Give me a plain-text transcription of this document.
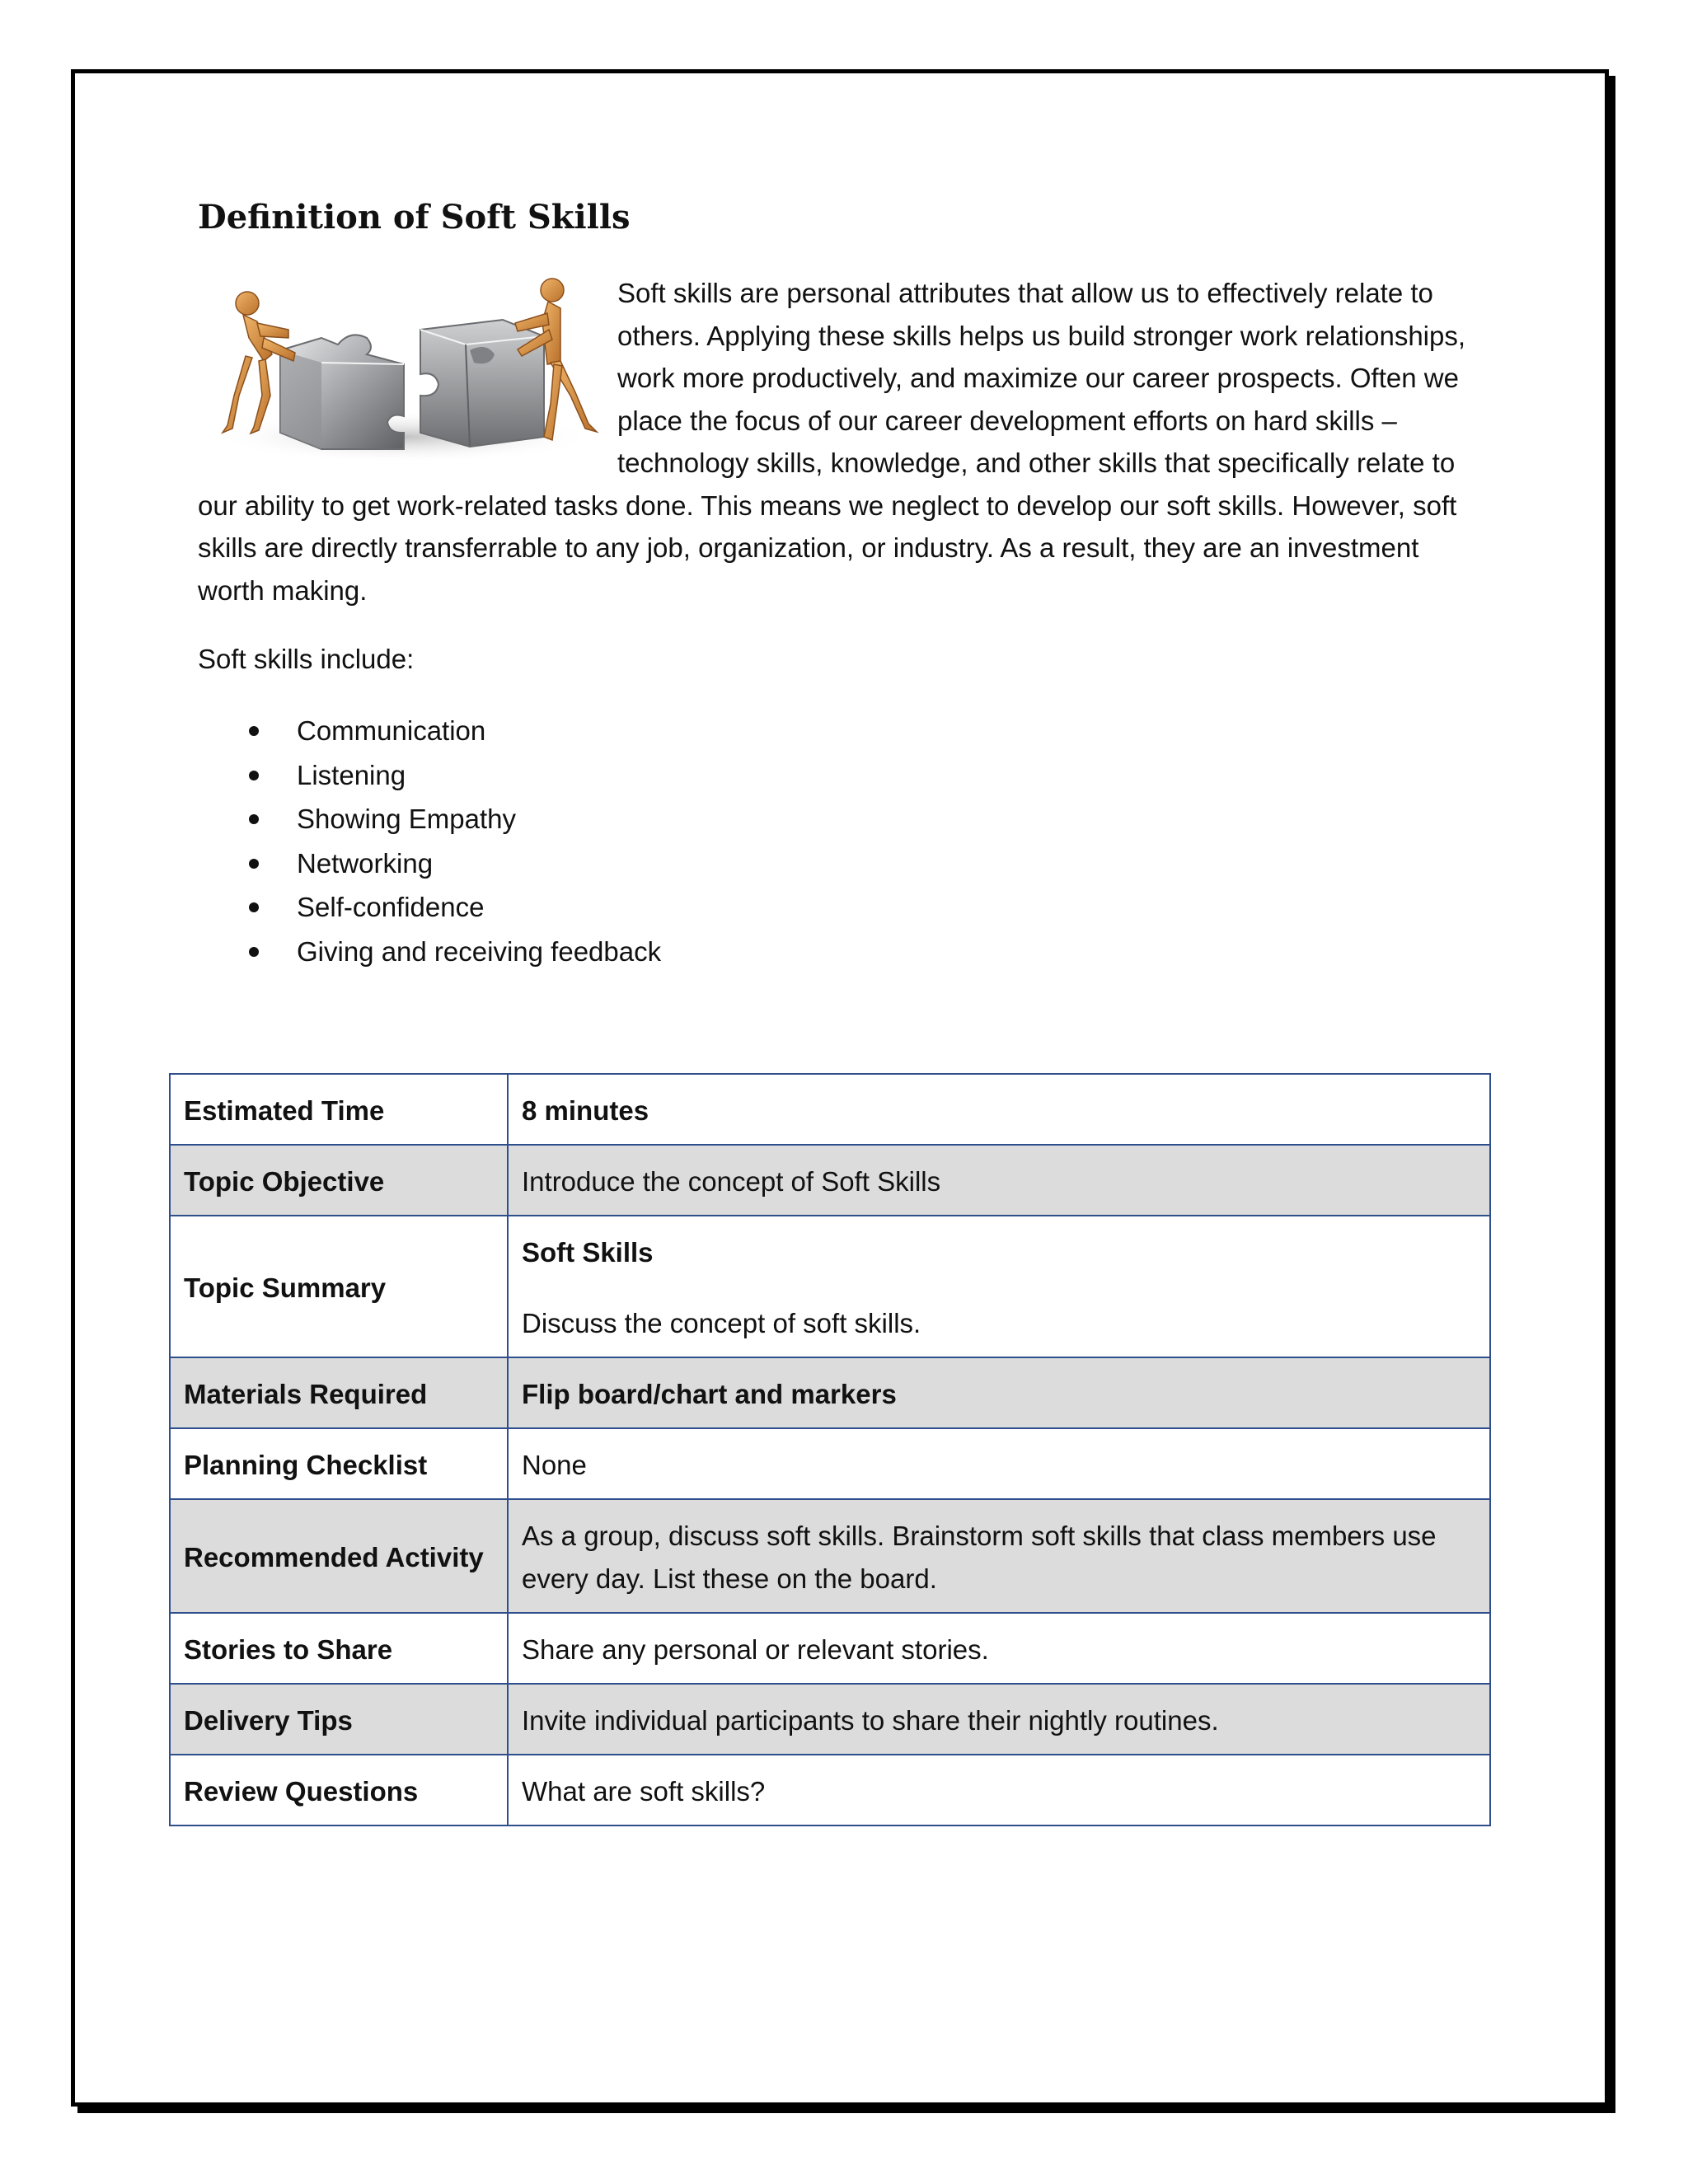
Definition of Soft Skills

Soft skills are personal attributes that allow us to effectively relate to others. Applying these skills helps us build stronger work relationships, work more productively, and maximize our career prospects. Often we place the focus of our career development efforts on hard skills – technology skills, knowledge, and other skills that specifically relate to our ability to get work-related tasks done. This means we neglect to develop our soft skills. However, soft skills are directly transferrable to any job, organization, or industry. As a result, they are an investment worth making.

Soft skills include:

Communication
Listening
Showing Empathy
Networking
Self-confidence
Giving and receiving feedback
Estimated Time	8 minutes
Topic Objective	Introduce the concept of Soft Skills
Topic Summary	Soft Skills
Discuss the concept of soft skills.
Materials Required	Flip board/chart and markers
Planning Checklist	None
Recommended Activity	As a group, discuss soft skills. Brainstorm soft skills that class members use every day. List these on the board.
Stories to Share	Share any personal or relevant stories.
Delivery Tips	Invite individual participants to share their nightly routines.
Review Questions	What are soft skills?
